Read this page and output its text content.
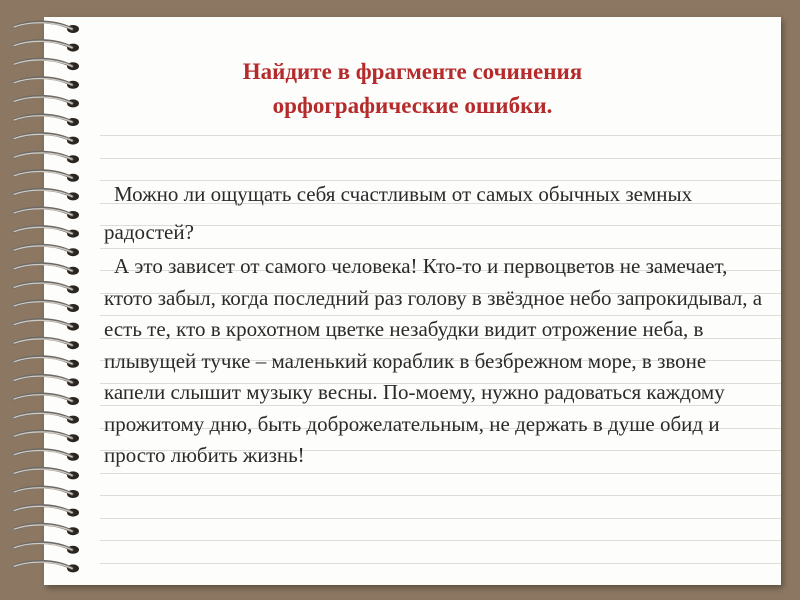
Найдите в фрагменте сочинения
орфографические ошибки.

Можно ли ощущать себя счастливым от самых обычных земных радостей?

А это зависет от самого человека! Кто-то и первоцветов не замечает, ктото забыл, когда последний раз голову в звёздное небо запрокидывал, а есть те, кто в крохотном цветке незабудки видит отрожение неба, в плывущей тучке – маленький кораблик в безбрежном море, в звоне капели слышит музыку весны. По-моему, нужно радоваться каждому прожитому дню, быть доброжелательным, не держать в душе обид и просто любить жизнь!
